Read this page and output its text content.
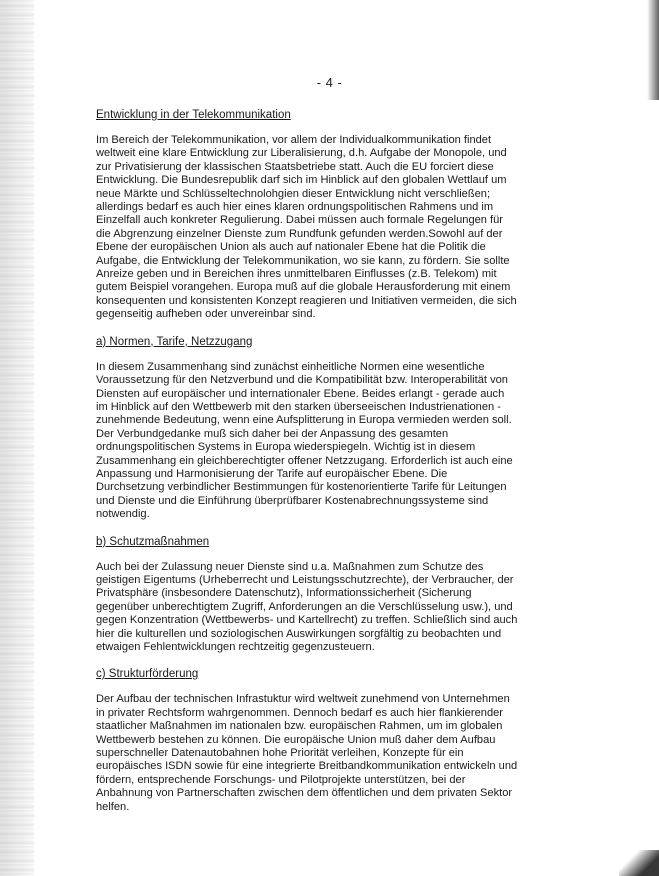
- 4 -
Entwicklung in der Telekommunikation

Im Bereich der Telekommunikation, vor allem der Individualkommunikation findet
weltweit eine klare Entwicklung zur Liberalisierung, d.h. Aufgabe der Monopole, und
zur Privatisierung der klassischen Staatsbetriebe statt. Auch die EU forciert diese
Entwicklung. Die Bundesrepublik darf sich im Hinblick auf den globalen Wettlauf um
neue Märkte und Schlüsseltechnolohgien dieser Entwicklung nicht verschließen;
allerdings bedarf es auch hier eines klaren ordnungspolitischen Rahmens und im
Einzelfall auch konkreter Regulierung. Dabei müssen auch formale Regelungen für
die Abgrenzung einzelner Dienste zum Rundfunk gefunden werden.Sowohl auf der
Ebene der europäischen Union als auch auf nationaler Ebene hat die Politik die
Aufgabe, die Entwicklung der Telekommunikation, wo sie kann, zu fördern. Sie sollte
Anreize geben und in Bereichen ihres unmittelbaren Einflusses (z.B. Telekom) mit
gutem Beispiel vorangehen. Europa muß auf die globale Herausforderung mit einem
konsequenten und konsistenten Konzept reagieren und Initiativen vermeiden, die sich
gegenseitig aufheben oder unvereinbar sind.

a) Normen, Tarife, Netzzugang

In diesem Zusammenhang sind zunächst einheitliche Normen eine wesentliche
Voraussetzung für den Netzverbund und die Kompatibilität bzw. Interoperabilität von
Diensten auf europäischer und internationaler Ebene. Beides erlangt - gerade auch
im Hinblick auf den Wettbewerb mit den starken überseeischen Industrienationen -
zunehmende Bedeutung, wenn eine Aufsplitterung in Europa vermieden werden soll.
Der Verbundgedanke muß sich daher bei der Anpassung des gesamten
ordnungspolitischen Systems in Europa wiederspiegeln. Wichtig ist in diesem
Zusammenhang ein gleichberechtigter offener Netzzugang. Erforderlich ist auch eine
Anpassung und Harmonisierung der Tarife auf europäischer Ebene. Die
Durchsetzung verbindlicher Bestimmungen für kostenorientierte Tarife für Leitungen
und Dienste und die Einführung überprüfbarer Kostenabrechnungssysteme sind
notwendig.

b) Schutzmaßnahmen

Auch bei der Zulassung neuer Dienste sind u.a. Maßnahmen zum Schutze des
geistigen Eigentums (Urheberrecht und Leistungsschutzrechte), der Verbraucher, der
Privatsphäre (insbesondere Datenschutz), Informationssicherheit (Sicherung
gegenüber unberechtigtem Zugriff, Anforderungen an die Verschlüsselung usw.), und
gegen Konzentration (Wettbewerbs- und Kartellrecht) zu treffen. Schließlich sind auch
hier die kulturellen und soziologischen Auswirkungen sorgfältig zu beobachten und
etwaigen Fehlentwicklungen rechtzeitig gegenzusteuern.

c) Strukturförderung

Der Aufbau der technischen Infrastuktur wird weltweit zunehmend von Unternehmen
in privater Rechtsform wahrgenommen. Dennoch bedarf es auch hier flankierender
staatlicher Maßnahmen im nationalen bzw. europäischen Rahmen, um im globalen
Wettbewerb bestehen zu können. Die europäische Union muß daher dem Aufbau
superschneller Datenautobahnen hohe Priorität verleihen, Konzepte für ein
europäisches ISDN sowie für eine integrierte Breitbandkommunikation entwickeln und
fördern, entsprechende Forschungs- und Pilotprojekte unterstützen, bei der
Anbahnung von Partnerschaften zwischen dem öffentlichen und dem privaten Sektor
helfen.
